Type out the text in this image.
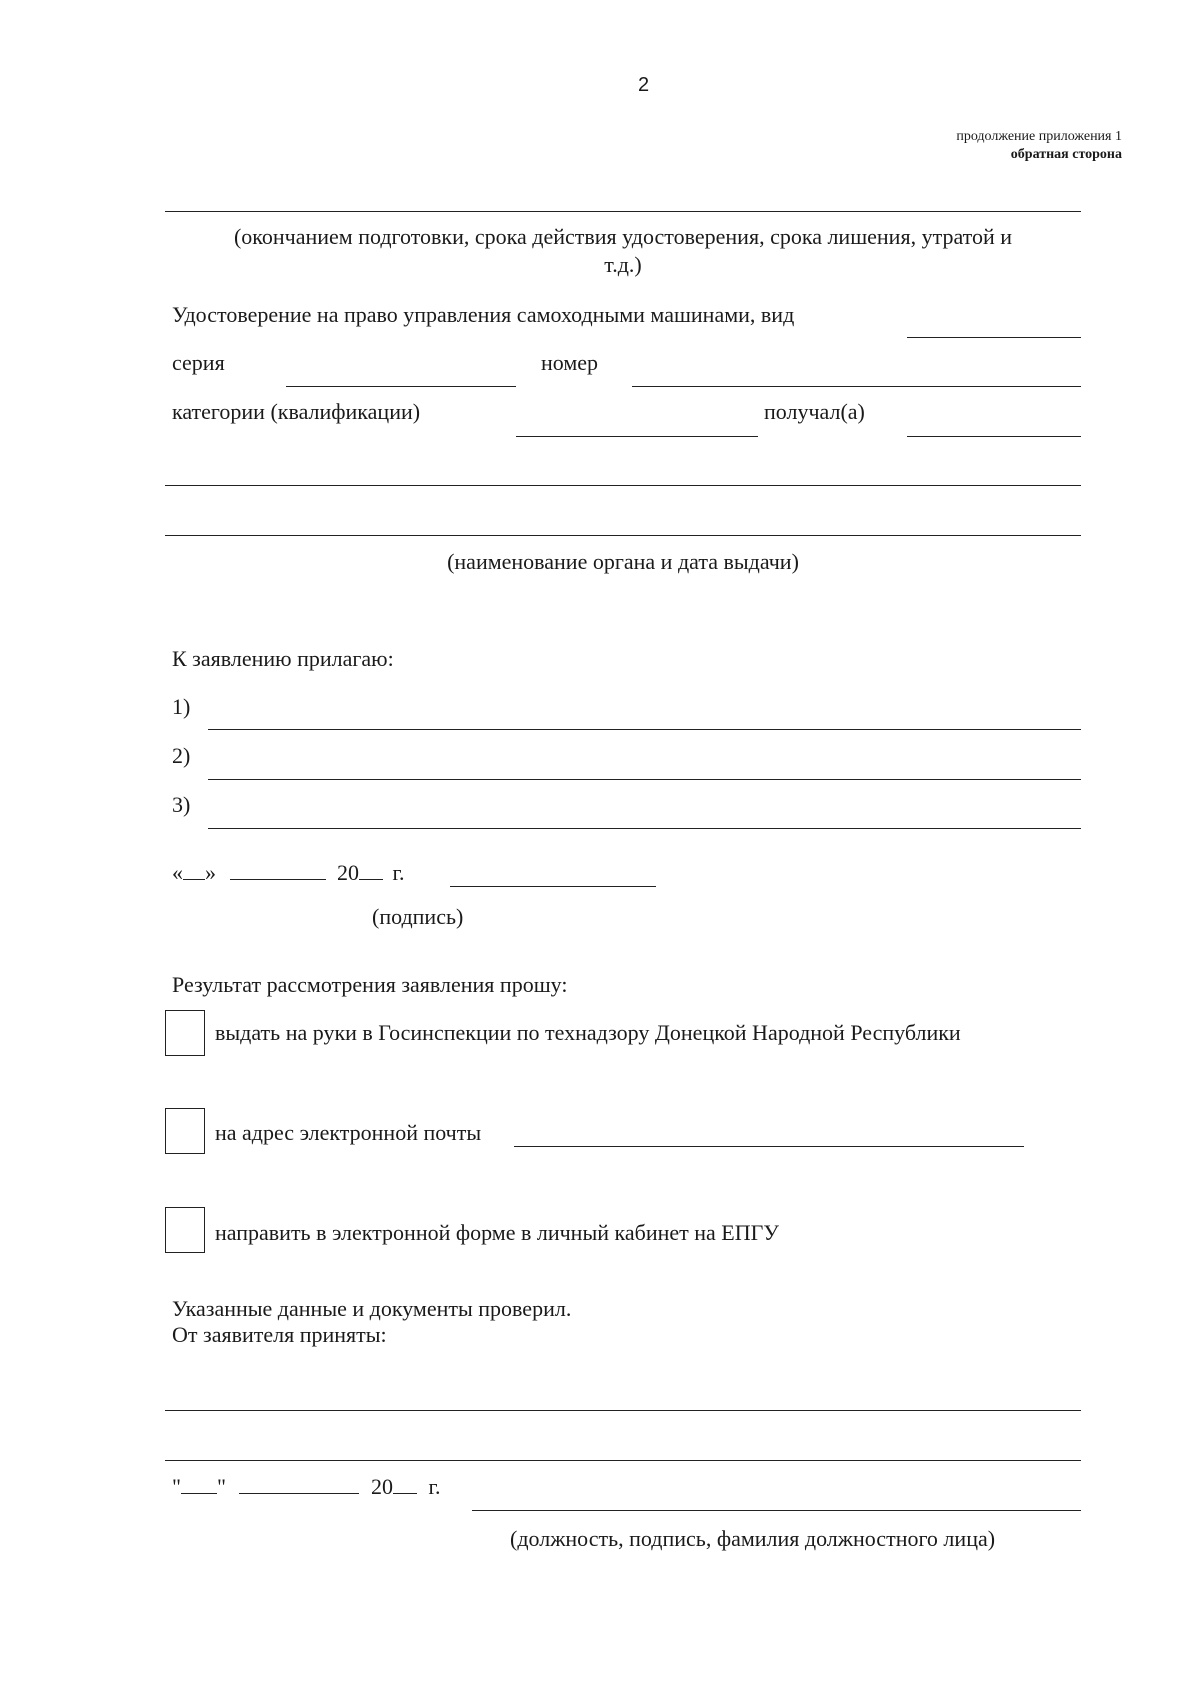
2
продолжение приложения 1
обратная сторона
(окончанием подготовки, срока действия удостоверения, срока лишения, утратой и
т.д.)
Удостоверение на право управления самоходными машинами, вид
серия	номер
категории (квалификации)	получал(а)
(наименование органа и дата выдачи)
К заявлению прилагаю:
1)
2)
3)
« »	20 г.
(подпись)
Результат рассмотрения заявления прошу:
выдать на руки в Госинспекции по технадзору Донецкой Народной Республики
на адрес электронной почты
направить в электронной форме в личный кабинет на ЕПГУ
Указанные данные и документы проверил.
От заявителя приняты:
" "	20 г.
(должность, подпись, фамилия должностного лица)
